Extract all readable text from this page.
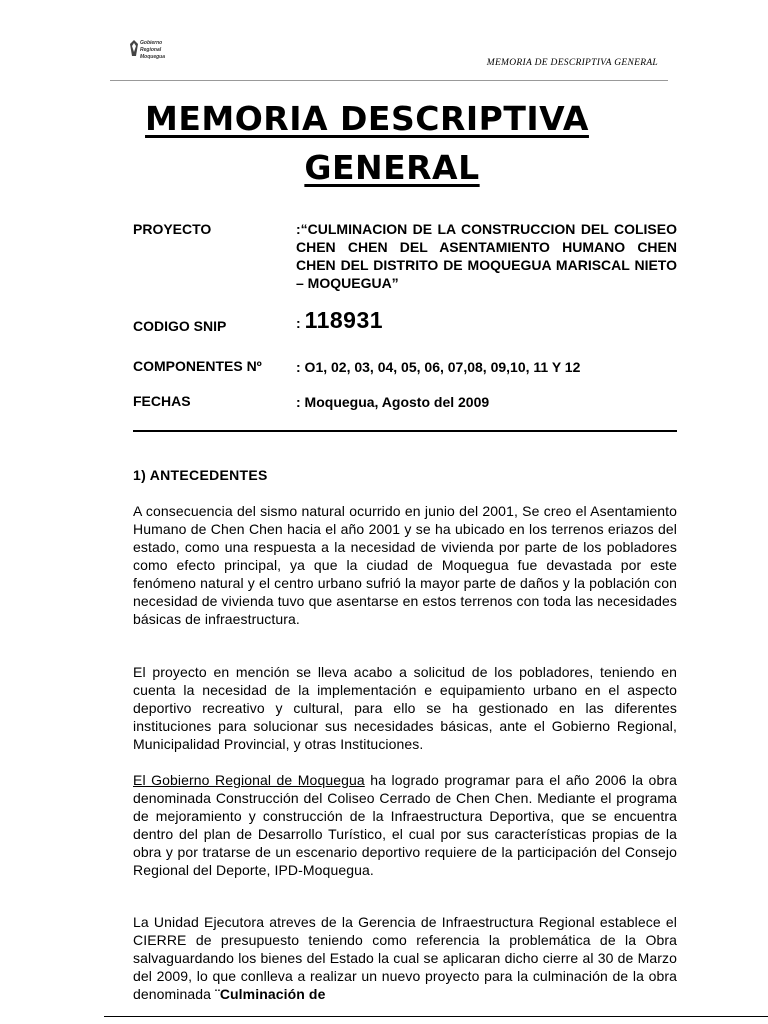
Gobierno
Regional
Moquegua
MEMORIA DE DESCRIPTIVA GENERAL
MEMORIA DESCRIPTIVA
GENERAL
PROYECTO	:“CULMINACION DE LA CONSTRUCCION DEL COLISEO CHEN CHEN DEL ASENTAMIENTO HUMANO CHEN CHEN DEL DISTRITO DE MOQUEGUA MARISCAL NIETO – MOQUEGUA”
CODIGO SNIP	: 118931
COMPONENTES Nº : O1, 02, 03, 04, 05, 06, 07,08, 09,10, 11 Y 12
FECHAS	: Moquegua, Agosto del 2009
1) ANTECEDENTES

A consecuencia del sismo natural ocurrido en junio del 2001, Se creo el Asentamiento Humano de Chen Chen hacia el año 2001 y se ha ubicado en los terrenos eriazos del estado, como una respuesta a la necesidad de vivienda por parte de los pobladores como efecto principal, ya que la ciudad de Moquegua fue devastada por este fenómeno natural y el centro urbano sufrió la mayor parte de daños y la población con necesidad de vivienda tuvo que asentarse en estos terrenos con toda las necesidades básicas de infraestructura.

El proyecto en mención se lleva acabo a solicitud de los pobladores, teniendo en cuenta la necesidad de la implementación e equipamiento urbano en el aspecto deportivo recreativo y cultural, para ello se ha gestionado en las diferentes instituciones para solucionar sus necesidades básicas, ante el Gobierno Regional, Municipalidad Provincial, y otras Instituciones.

El Gobierno Regional de Moquegua ha logrado programar para el año 2006 la obra denominada Construcción del Coliseo Cerrado de Chen Chen. Mediante el programa de mejoramiento y construcción de la Infraestructura Deportiva, que se encuentra dentro del plan de Desarrollo Turístico, el cual por sus características propias de la obra y por tratarse de un escenario deportivo requiere de la participación del Consejo Regional del Deporte, IPD-Moquegua.

La Unidad Ejecutora atreves de la Gerencia de Infraestructura Regional establece el CIERRE de presupuesto teniendo como referencia la problemática de la Obra salvaguardando los bienes del Estado la cual se aplicaran dicho cierre al 30 de Marzo del 2009, lo que conlleva a realizar un nuevo proyecto para la culminación de la obra denominada ¨Culminación de
